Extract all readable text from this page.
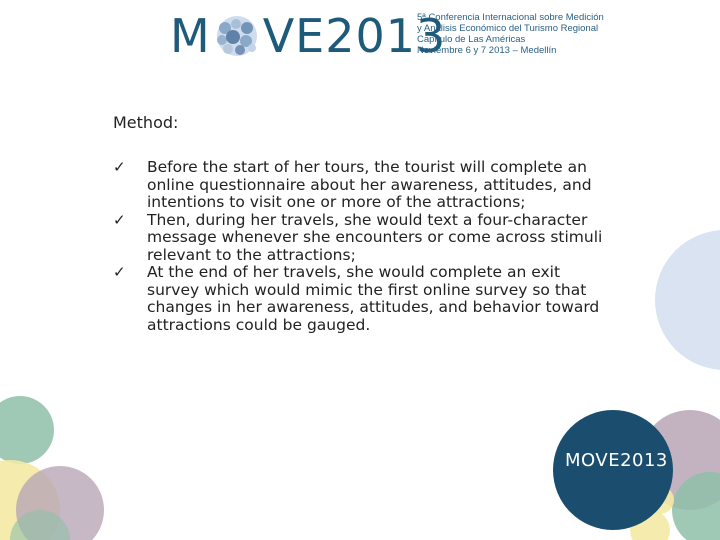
M VE2013
5ª Conferencia Internacional sobre Medición
y Análisis Económico del Turismo Regional
Capítulo de Las Américas
Noviembre 6 y 7 2013 – Medellín
Method:
✓	Before the start of her tours, the tourist will complete an online questionnaire about her awareness, attitudes, and intentions to visit one or more of the attractions;
✓	Then, during her travels, she would text a four-character message whenever she encounters or come across stimuli relevant to the attractions;
✓	At the end of her travels, she would complete an exit survey which would mimic the first online survey so that changes in her awareness, attitudes, and behavior toward attractions could be gauged.
MOVE2013
